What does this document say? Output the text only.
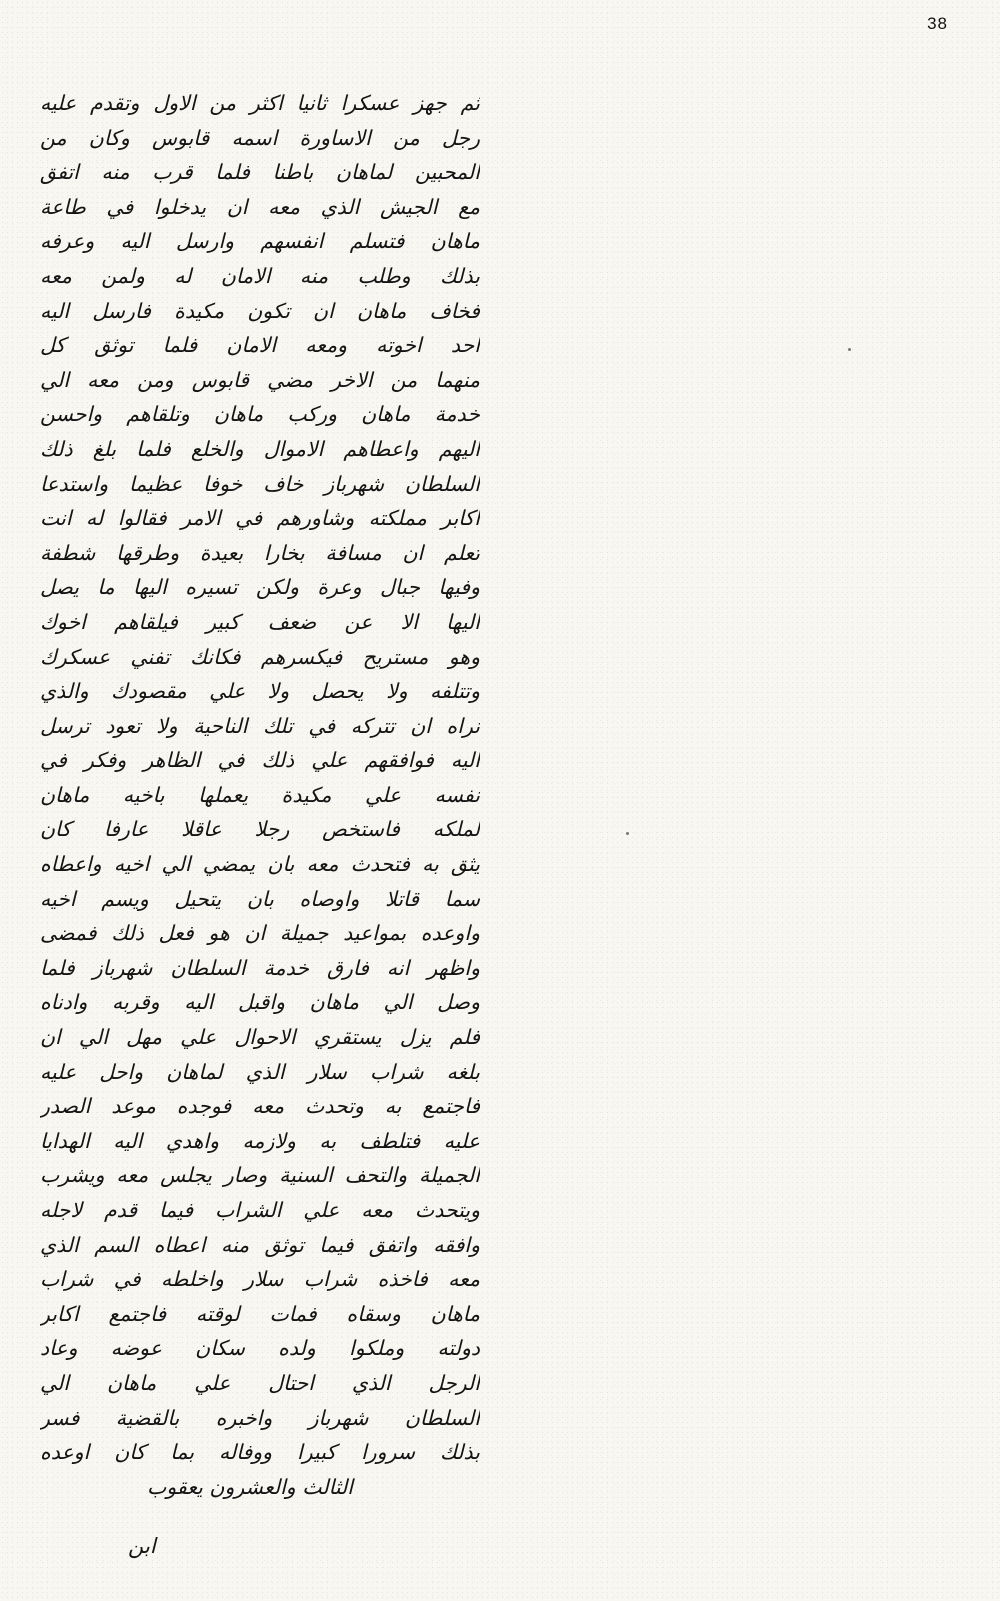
38
ثم جهز عسكرا ثانيا اكثر من الاول وتقدم عليه
رجل من الاساورة اسمه قابوس وكان من
المحبين لماهان باطنا فلما قرب منه اتفق
مع الجيش الذي معه ان يدخلوا في طاعة
ماهان فتسلم انفسهم وارسل اليه وعرفه
بذلك وطلب منه الامان له ولمن معه
فخاف ماهان ان تكون مكيدة فارسل اليه
احد اخوته ومعه الامان فلما توثق كل
منهما من الاخر مضي قابوس ومن معه الي
خدمة ماهان وركب ماهان وتلقاهم واحسن
اليهم واعطاهم الاموال والخلع فلما بلغ ذلك
السلطان شهرباز خاف خوفا عظيما واستدعا
اكابر مملكته وشاورهم في الامر فقالوا له انت
تعلم ان مسافة بخارا بعيدة وطرقها شطفة
وفيها جبال وعرة ولكن تسيره اليها ما يصل
اليها الا عن ضعف كبير فيلقاهم اخوك
وهو مستريح فيكسرهم فكانك تفني عسكرك
وتتلفه ولا يحصل ولا علي مقصودك والذي
نراه ان تتركه في تلك الناحية ولا تعود ترسل
اليه فوافقهم علي ذلك في الظاهر وفكر في
نفسه علي مكيدة يعملها باخيه ماهان
لملكه فاستخص رجلا عاقلا عارفا كان
يثق به فتحدث معه بان يمضي الي اخيه واعطاه
سما قاتلا واوصاه بان يتحيل ويسم اخيه
واوعده بمواعيد جميلة ان هو فعل ذلك فمضى
واظهر انه فارق خدمة السلطان شهرباز فلما
وصل الي ماهان واقبل اليه وقربه وادناه
فلم يزل يستقري الاحوال علي مهل الي ان
بلغه شراب سلار الذي لماهان واحل عليه
فاجتمع به وتحدث معه فوجده موعد الصدر
عليه فتلطف به ولازمه واهدي اليه الهدايا
الجميلة والتحف السنية وصار يجلس معه ويشرب
ويتحدث معه علي الشراب فيما قدم لاجله
وافقه واتفق فيما توثق منه اعطاه السم الذي
معه فاخذه شراب سلار واخلطه في شراب
ماهان وسقاه فمات لوقته فاجتمع اكابر
دولته وملكوا ولده سكان عوضه وعاد
الرجل الذي احتال علي ماهان الي
السلطان شهرباز واخبره بالقضية فسر
بذلك سرورا كبيرا ووفاله بما كان اوعده
الثالث والعشرون يعقوب
ابن
